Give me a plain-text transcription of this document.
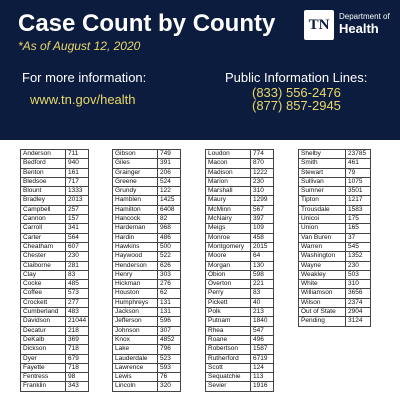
Case Count by County
*As of August 12, 2020
TN	Department of
Health
For more information:
www.tn.gov/health
Public Information Lines:
(833) 556-2476
(877) 857-2945
Anderson	711
Bedford	940
Benton	161
Bledsoe	717
Blount	1333
Bradley	2013
Campbell	257
Cannon	157
Carroll	341
Carter	564
Cheatham	607
Chester	230
Claiborne	281
Clay	83
Cocke	485
Coffee	573
Crockett	277
Cumberland	483
Davidson	21044
Decatur	218
DeKalb	369
Dickson	718
Dyer	679
Fayette	718
Fentress	98
Franklin	343
Gibson	749
Giles	391
Grainger	206
Greene	524
Grundy	122
Hamblen	1425
Hamilton	6408
Hancock	82
Hardeman	968
Hardin	486
Hawkins	500
Haywood	522
Henderson	626
Henry	303
Hickman	276
Houston	62
Humphreys	131
Jackson	131
Jefferson	596
Johnson	307
Knox	4852
Lake	796
Lauderdale	523
Lawrence	593
Lewis	76
Lincoln	320
Loudon	774
Macon	870
Madison	1222
Marion	230
Marshall	310
Maury	1299
McMinn	567
McNairy	397
Meigs	109
Monroe	458
Montgomery	2015
Moore	64
Morgan	130
Obion	598
Overton	221
Perry	83
Pickett	40
Polk	213
Putnam	1840
Rhea	547
Roane	496
Robertson	1587
Rutherford	6719
Scott	124
Sequatchie	113
Sevier	1916
Shelby	23785
Smith	461
Stewart	79
Sullivan	1075
Sumner	3501
Tipton	1217
Trousdale	1583
Unicoi	175
Union	165
Van Buren	37
Warren	545
Washington	1352
Wayne	230
Weakley	503
White	310
Williamson	3656
Wilson	2374
Out of State	2904
Pending	3124
